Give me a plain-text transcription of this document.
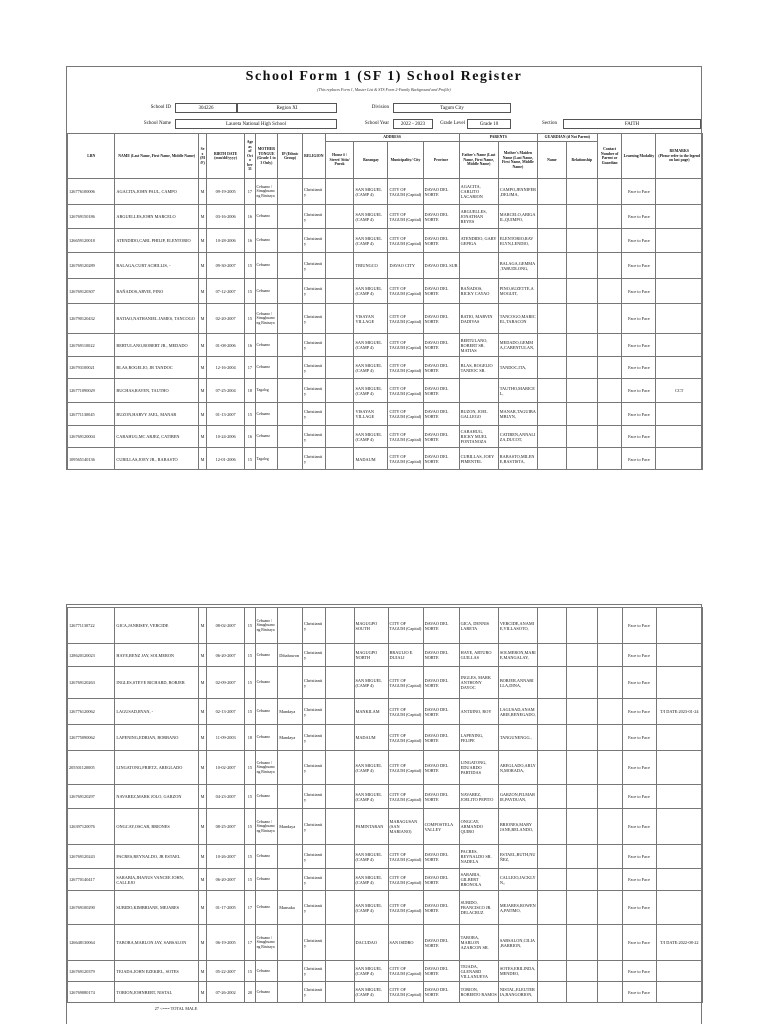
School Form 1 (SF 1) School Register
(This replaces Form 1, Master List & STS Form 2-Family Background and Profile)
School ID	304226	Region XI	Division	Tagum City
School Name	Laureta National High School	School Year	2022 - 2023	Grade Level	Grade 10	Section	FAITH
LRN	NAME (Last Name, First Name, Middle Name)	Sex (M/F)	BIRTH DATE (mm/dd/yyyy)	Age as of Octo ber 31	MOTHER TONGUE (Grade 1 to 3 Only)	IP (Ethnic Group)	RELIGION	ADDRESS				PARENTS		GUARDIAN (if Not Parent)		Contact Number of Parent or Guardian	Learning Modality	REMARKS
(Please refer to the legend on last page)

								House # / Street/ Sitio/ Purok	Barangay	Municipality/ City	Province	Father's Name (Last Name, First Name, Middle Name)	Mother's Maiden Name (Last Name, First Name, Middle Name)	Name	Relationship			
126776100006	AGACITA,JOHN PAUL, CAMPO	M	09-19-2005	17	Cebuano / Sinugbuanong Binisaya		Christianity		SAN MIGUEL (CAMP 4)	CITY OF TAGUM (Capital)	DAVAO DEL NORTE	AGACITA, CARLITO LACARION	CAMPO,JENNIFER,DELIMA,				Face to Face	
126769150186	ARGUELLES,JOHN MARCELO	M	03-16-2006	16	Cebuano		Christianity		SAN MIGUEL (CAMP 4)	CITY OF TAGUM (Capital)	DAVAO DEL NORTE	ARGUELLES, JONATHAN REYES	MARCELO,ABIGAIL,QUIMPO,				Face to Face	
126659120018	ATENDIDO,CARL PHILIP, ELENTORIO	M	10-28-2006	16	Cebuano		Christianity		SAN MIGUEL (CAMP 4)	CITY OF TAGUM (Capital)	DAVAO DEL NORTE	ATENDIDO, GARY GEPIGA	ELENTORIO,RAVELYN,LENDIO,				Face to Face	
126769120289	BALAGA,CURT ACHILLIS, -	M	09-30-2007	15	Cebuano		Christianity		TRIUNGCO	DAVAO CITY	DAVAO DEL SUR		BALAGA,GEMMA,TABUDLONG,				Face to Face	
126769120307	BAÑADOS,ARVIE, PINO	M	07-12-2007	15	Cebuano		Christianity		SAN MIGUEL (CAMP 4)	CITY OF TAGUM (Capital)	DAVAO DEL NORTE	BAÑADOS, RICKY CAYAO	PINO,SUZETTE,AMOGUIT,				Face to Face	
126790120432	BATIAO,NATHANIEL JAMES, TANCOGO	M	02-20-2007	15	Cebuano / Sinugbuanong Binisaya		Christianity		VISAYAN VILLAGE	CITY OF TAGUM (Capital)	DAVAO DEL NORTE	BATIO, MARVIN DADIVAS	TANCOGO,MARICEL,TABACON				Face to Face	
126769110022	BERTULANO,ROBERT JR., MEDADO	M	01-08-2006	16	Cebuano		Christianity		SAN MIGUEL (CAMP 4)	CITY OF TAGUM (Capital)	DAVAO DEL NORTE	BERTULANO, ROBERT SR. MATIAS	MEDADO,GEMMA,CABENTULAN,				Face to Face	
126793100021	BLAS,ROGELIO, JR TANDOC	M	12-16-2004	17	Cebuano		Christianity		SAN MIGUEL (CAMP 4)	CITY OF TAGUM (Capital)	DAVAO DEL NORTE	BLAS, ROGELIO TANDOC SR.	TANDOC,ITA,				Face to Face	
126771090029	BUCHAS,RAVEN, TAUTHO	M	07-25-2004	18	Tagalog		Christianity		SAN MIGUEL (CAMP 4)	CITY OF TAGUM (Capital)	DAVAO DEL NORTE		TAUTHO,MARICEL,				Face to Face	CCT
126771130045	BUZON,HARVY JAEL, MANAR	M	01-13-2007	15	Cebuano		Christianity		VISAYAN VILLAGE	CITY OF TAGUM (Capital)	DAVAO DEL NORTE	BUZON, JOEL GALLEGO	MANAR,TAGUIBAMBLYN,				Face to Face	
126769120004	CABAHUG,MC ARJEZ, CATIBEN	M	10-24-2006	16	Cebuano		Christianity		SAN MIGUEL (CAMP 4)	CITY OF TAGUM (Capital)	DAVAO DEL NORTE	CABAHUG, RICKY MUEL FONTANOZA	CATIBEN,ANNALIZA,DUCOT,				Face to Face	
109565140136	CUBILLAS,JOEY JR., RABASTO	M	12-01-2006	15	Tagalog		Christianity		MADAUM	CITY OF TAGUM (Capital)	DAVAO DEL NORTE	CUBILLAS, JOEY PIMENTEL	RABASTO,MILENE,BASTISTA,				Face to Face	

126771130722	GICA,JANRISEY, VERCIDE	M	08-02-2007	15	Cebuano / Sinugbuanong Binisaya		Christianity		MAGUGPO SOUTH	CITY OF TAGUM (Capital)	DAVAO DEL NORTE	GICA, DENNIS LARETA	VERCIDE,ANAMIE,VILLASOTO,				Face to Face	
128620120023	HAYE,RENZ JAY, SOLMERON	M	06-20-2007	15	Cebuano	Dibabawon	Christianity		MAGUGPO NORTH	BRAULIO E. DUJALI	DAVAO DEL NORTE	HAYE, ARTURO GUILLAS	SOLMERON,MARIE,MANGALAY,				Face to Face	
126769120263	INGLES,STEVE RICHARD, BORJER	M	02-09-2007	15	Cebuano		Christianity		SAN MIGUEL (CAMP 4)	CITY OF TAGUM (Capital)	DAVAO DEL NORTE	INGLES, MARK ANTHONY DAYOC	BORJER,ANNABILLA,DINA,				Face to Face	
126776120062	LAGUSAD,RYAN, -	M	02-13-2007	15	Cebuano	Mandaya	Christianity		MANKILAM	CITY OF TAGUM (Capital)	DAVAO DEL NORTE	ANTIJINO, ROY	LAGUSAD,ANAMARIE,RENEGADO,				Face to Face	T/I DATE:2023-01-24
126775090062	LAPENING,EDRIAN, BORBANO	M	11-09-2003	18	Cebuano	Mandaya	Christianity		MADAUM	CITY OF TAGUM (Capital)	DAVAO DEL NORTE	LAPENING, FELIPE	TANGUNENGG.,				Face to Face	
205501120005	LINGATONG,FRIETZ, AREGLADO	M	10-02-2007	15	Cebuano / Sinugbuanong Binisaya		Christianity		SAN MIGUEL (CAMP 4)	CITY OF TAGUM (Capital)	DAVAO DEL NORTE	LINGATONG, EDUARDO PARTIDAS	AREGLADO,ARLYN,MORADA,				Face to Face	
126769120297	NAVAREZ,MARK JOLO, GARZON	M	04-23-2007	15	Cebuano		Christianity		SAN MIGUEL (CAMP 4)	CITY OF TAGUM (Capital)	DAVAO DEL NORTE	NAVAREZ, JOELITO PEPITO	GARZON,FILMARIE,PAYDUAN,				Face to Face	
126397120076	ONGCAY,OSCAR, BRIONES	M	08-25-2007	15	Cebuano / Sinugbuanong Binisaya	Mandaya	Christianity		PAMINTARAN	MARAGUSAN (SAN MARIANO)	COMPOSTELA VALLEY	ONGCAY, ARMANDO QUIRO	BRIONES,MARY JANE,BELANDO,				Face to Face	
126769120243	PACRES,REYNALDO, JR ESTAEL	M	10-26-2007	15	Cebuano		Christianity		SAN MIGUEL (CAMP 4)	CITY OF TAGUM (Capital)	DAVAO DEL NORTE	PACRES, REYNALDO SR. NADELA	ESTAEL,RUTH,NUÑEZ,				Face to Face	
126770140417	SARABIA,JHANUS VANCEE JOHN, CALLEJO	M	06-20-2007	15	Cebuano		Christianity		SAN MIGUEL (CAMP 4)	CITY OF TAGUM (Capital)	DAVAO DEL NORTE	SARABIA, GILBERT BRONOLA	CALLEJO,JACKLYN,,				Face to Face	
126769100290	SUBIDO,KIMBRIANE, MEJARES	M	01-17-2005	17	Cebuano	Mansaka	Christianity		SAN MIGUEL (CAMP 4)	CITY OF TAGUM (Capital)	DAVAO DEL NORTE	SUBIDO, FRANCISCO JR. DELACRUZ	MEJARES,ROWENA,PATIMO,				Face to Face	
126648130064	TABORA,MARLON JAY, SABSALON	M	06-19-2005	17	Cebuano / Sinugbuanong Binisaya		Christianity		DACUDAO	SAN ISIDRO	DAVAO DEL NORTE	TABORA, MARLON AZARCON SR.	SABSALON,CILIA,BARRION,				Face to Face	T/I DATE:2022-08-22
126769120379	TEJADA,JOHN EZEKIEL, SOTES	M	05-22-2007	15	Cebuano		Christianity		SAN MIGUEL (CAMP 4)	CITY OF TAGUM (Capital)	DAVAO DEL NORTE	TEJADA, GLENARD VILLANUEVA	SOTES,ERILINDA,MENDEO,				Face to Face	
126769080174	TORION,JOHNBERT, NISTAL	M	07-26-2002	20	Cebuano		Christianity		SAN MIGUEL (CAMP 4)	CITY OF TAGUM (Capital)	DAVAO DEL NORTE	TORION, ROBERTO RAMOS	NISTAL,ELEUTERIA,BANGORION,				Face to Face	
27 <=== TOTAL MALE																		
